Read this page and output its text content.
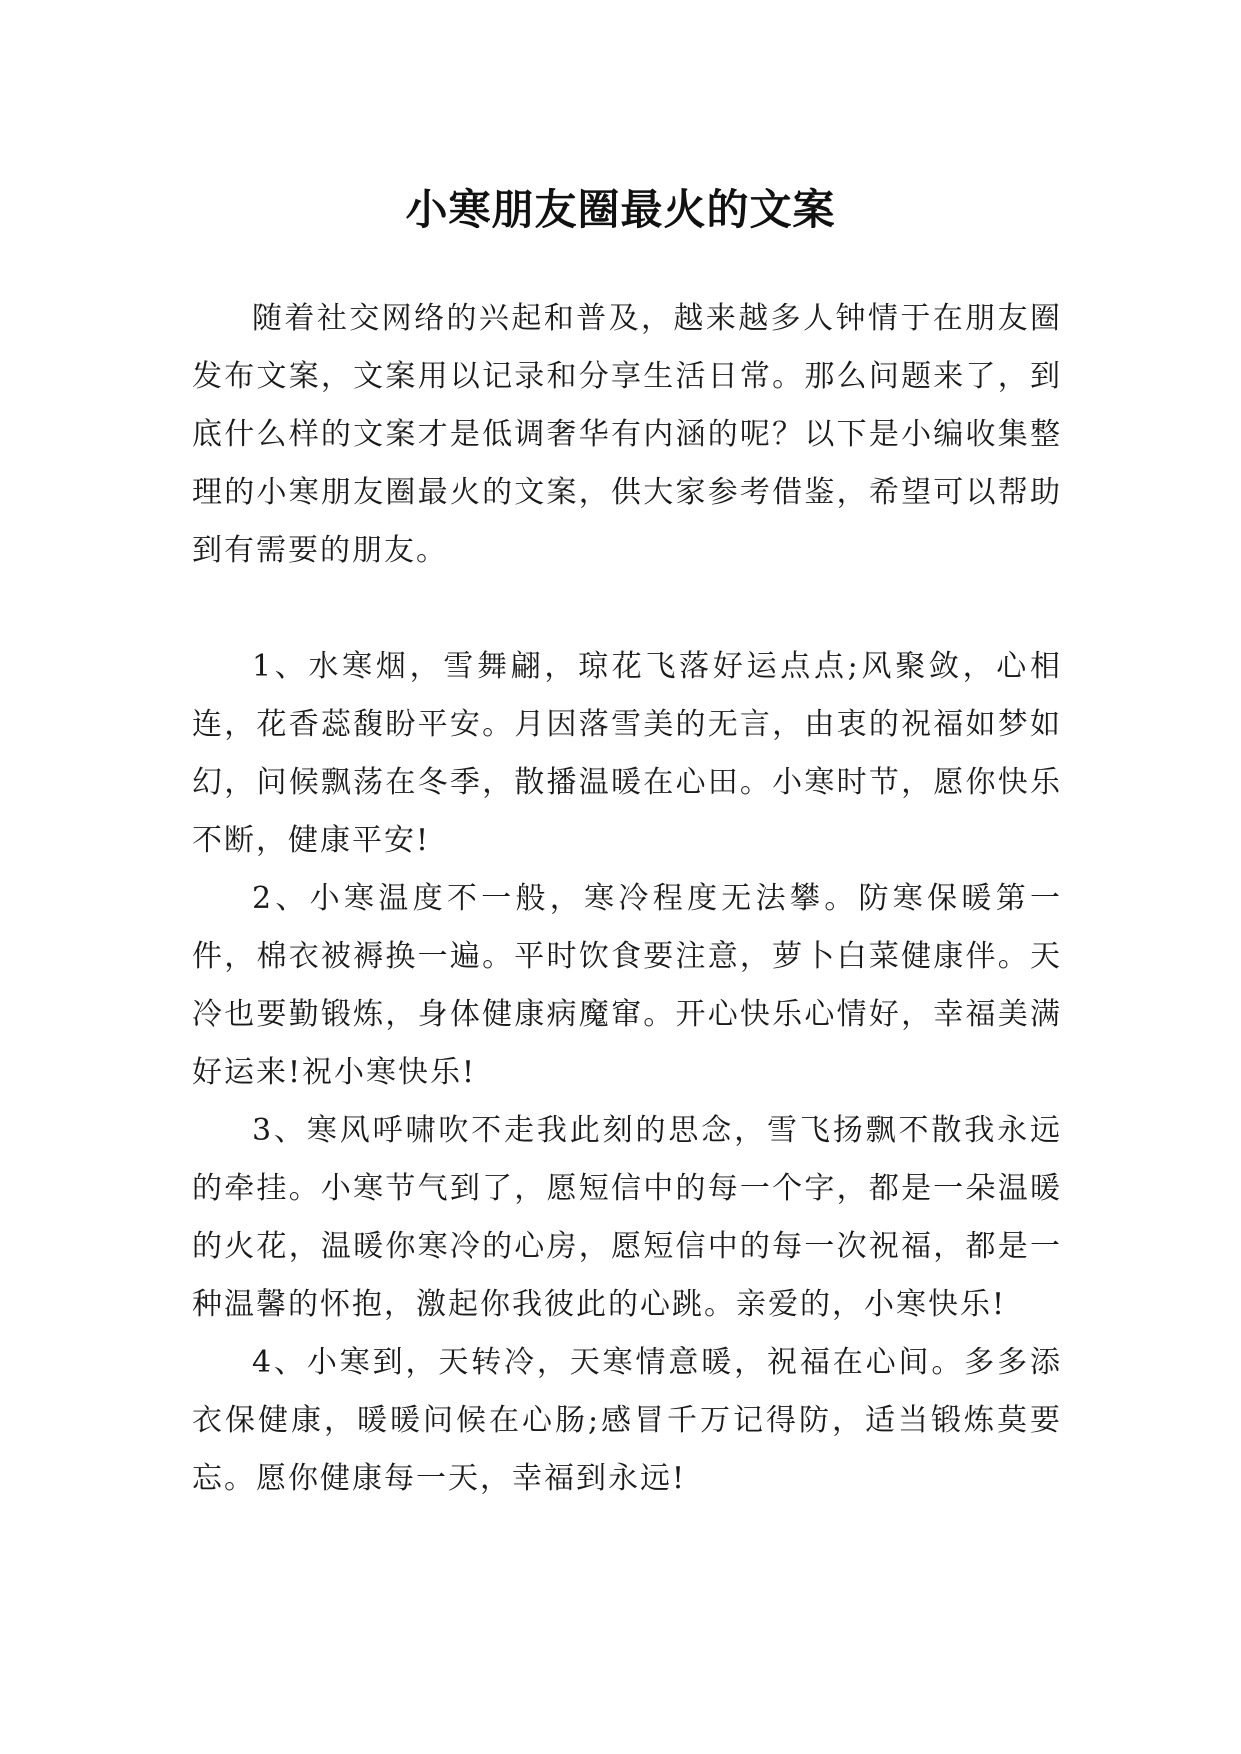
小寒朋友圈最火的文案

随着社交网络的兴起和普及，越来越多人钟情于在朋友圈发布文案，文案用以记录和分享生活日常。那么问题来了，到底什么样的文案才是低调奢华有内涵的呢？以下是小编收集整理的小寒朋友圈最火的文案，供大家参考借鉴，希望可以帮助到有需要的朋友。

1、水寒烟，雪舞翩，琼花飞落好运点点;风聚敛，心相连，花香蕊馥盼平安。月因落雪美的无言，由衷的祝福如梦如幻，问候飘荡在冬季，散播温暖在心田。小寒时节，愿你快乐不断，健康平安!

2、小寒温度不一般，寒冷程度无法攀。防寒保暖第一件，棉衣被褥换一遍。平时饮食要注意，萝卜白菜健康伴。天冷也要勤锻炼，身体健康病魔窜。开心快乐心情好，幸福美满好运来!祝小寒快乐!

3、寒风呼啸吹不走我此刻的思念，雪飞扬飘不散我永远的牵挂。小寒节气到了，愿短信中的每一个字，都是一朵温暖的火花，温暖你寒冷的心房，愿短信中的每一次祝福，都是一种温馨的怀抱，激起你我彼此的心跳。亲爱的，小寒快乐!

4、小寒到，天转冷，天寒情意暖，祝福在心间。多多添衣保健康，暖暖问候在心肠;感冒千万记得防，适当锻炼莫要忘。愿你健康每一天，幸福到永远!
